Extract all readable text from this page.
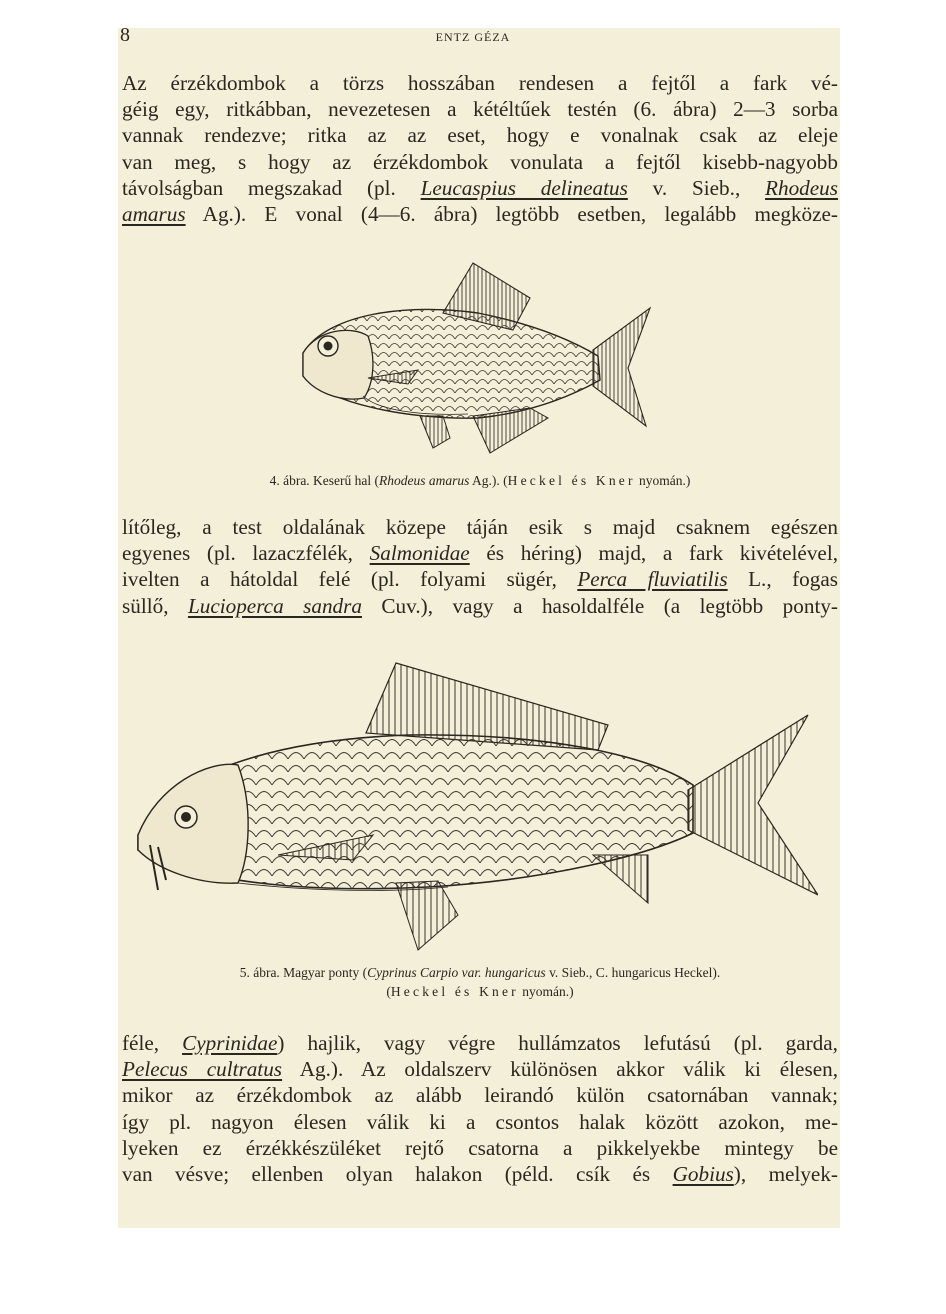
8	ENTZ GÉZA
Az érzékdombok a törzs hosszában rendesen a fejtől a fark vé-
géig egy, ritkábban, nevezetesen a kétéltűek testén (6. ábra) 2—3 sorba
vannak rendezve; ritka az az eset, hogy e vonalnak csak az eleje
van meg, s hogy az érzékdombok vonulata a fejtől kisebb-nagyobb
távolságban megszakad (pl. Leucaspius delineatus v. Sieb., Rhodeus
amarus Ag.). E vonal (4—6. ábra) legtöbb esetben, legalább megköze-
4. ábra. Keserű hal (Rhodeus amarus Ag.). (Heckel és Kner nyomán.)
lítőleg, a test oldalának közepe táján esik s majd csaknem egészen
egyenes (pl. lazaczfélék, Salmonidae és héring) majd, a fark kivételével,
ivelten a hátoldal felé (pl. folyami sügér, Perca fluviatilis L., fogas
süllő, Lucioperca sandra Cuv.), vagy a hasoldalféle (a legtöbb ponty-
5. ábra. Magyar ponty (Cyprinus Carpio var. hungaricus v. Sieb., C. hungaricus Heckel).
(Heckel és Kner nyomán.)
féle, Cyprinidae) hajlik, vagy végre hullámzatos lefutású (pl. garda,
Pelecus cultratus Ag.). Az oldalszerv különösen akkor válik ki élesen,
mikor az érzékdombok az alább leirandó külön csatornában vannak;
így pl. nagyon élesen válik ki a csontos halak között azokon, me-
lyeken ez érzékkészüléket rejtő csatorna a pikkelyekbe mintegy be
van vésve; ellenben olyan halakon (péld. csík és Gobius), melyek-
